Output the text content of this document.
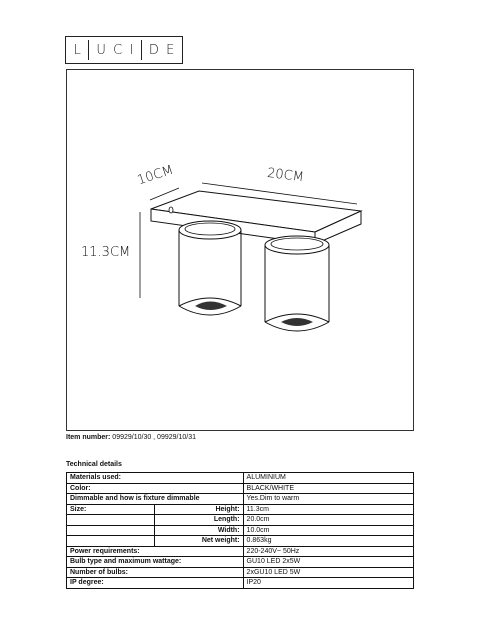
L U C I D E
10CM	20CM
11.3CM
Item number: 09929/10/30 , 09929/10/31
Technical details
Materials used:		ALUMINIUM
Color:		BLACK/WHITE
Dimmable and how is fixture dimmable		Yes.Dim to warm
Size:	Height:	11.3cm
	Length:	20.0cm
	Width:	10.0cm
	Net weight:	0.863kg
Power requirements:		220-240V~ 50Hz
Bulb type and maximum wattage:		GU10 LED 2x5W
Number of bulbs:		2xGU10 LED 5W
IP degree:		IP20
